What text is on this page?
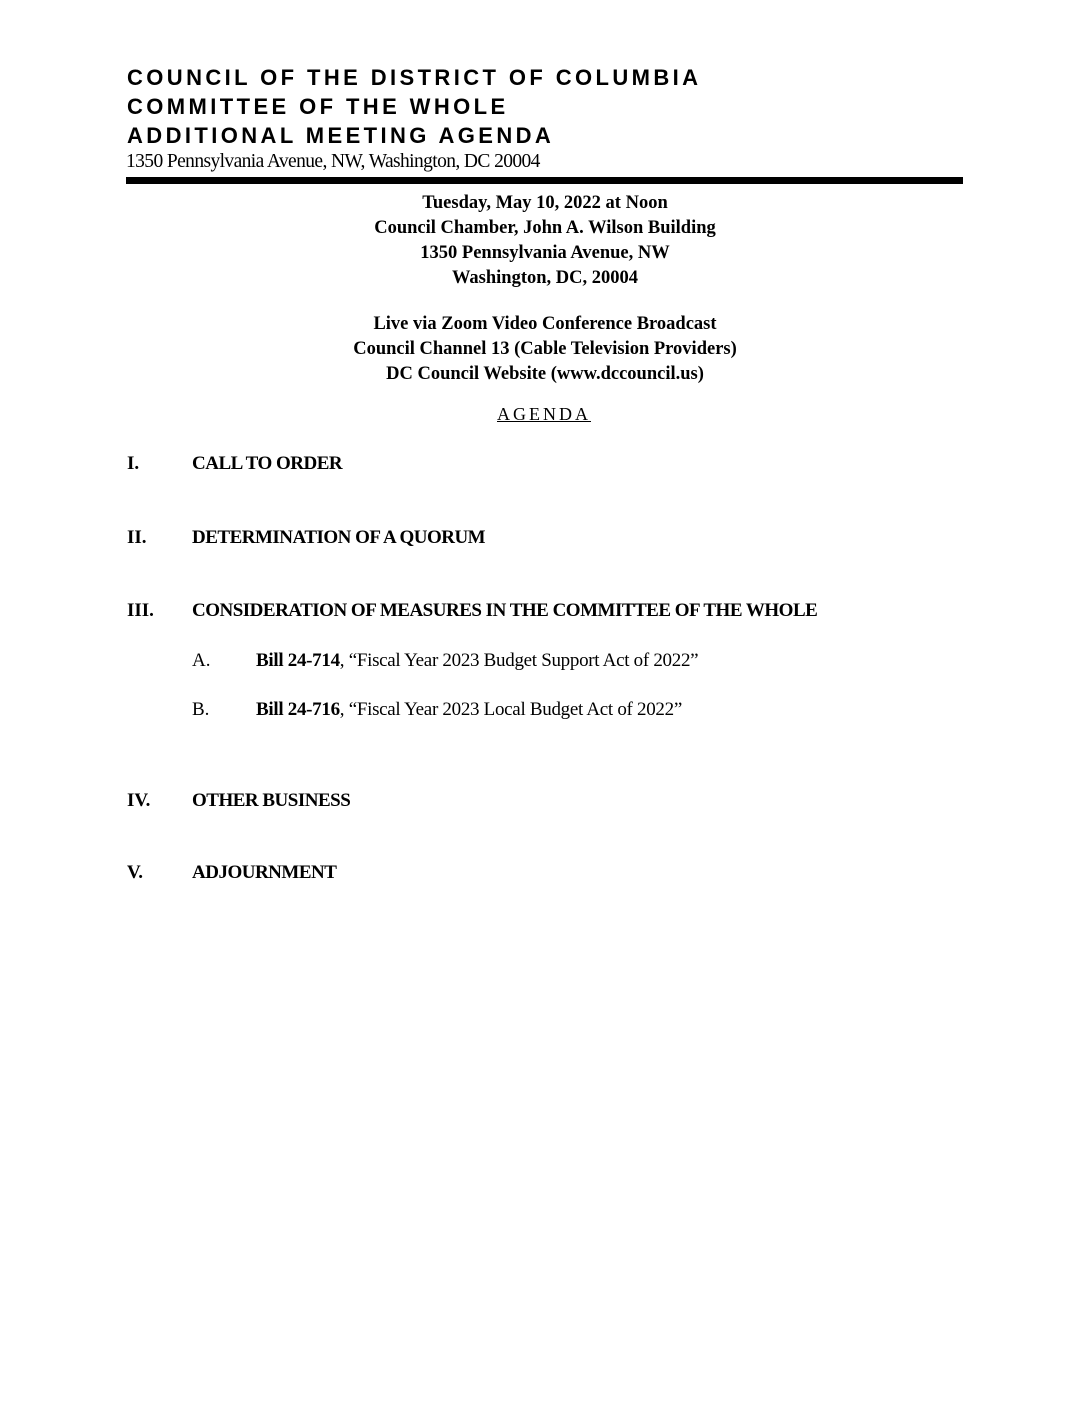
COUNCIL OF THE DISTRICT OF COLUMBIA
COMMITTEE OF THE WHOLE
ADDITIONAL MEETING AGENDA
1350 Pennsylvania Avenue, NW, Washington, DC 20004
Tuesday, May 10, 2022 at Noon
Council Chamber, John A. Wilson Building
1350 Pennsylvania Avenue, NW
Washington, DC, 20004
Live via Zoom Video Conference Broadcast
Council Channel 13 (Cable Television Providers)
DC Council Website (www.dccouncil.us)
AGENDA
I.	CALL TO ORDER
II. DETERMINATION OF A QUORUM
III. CONSIDERATION OF MEASURES IN THE COMMITTEE OF THE WHOLE
A. Bill 24-714, “Fiscal Year 2023 Budget Support Act of 2022”
B. Bill 24-716, “Fiscal Year 2023 Local Budget Act of 2022”
IV. OTHER BUSINESS
V.	ADJOURNMENT
